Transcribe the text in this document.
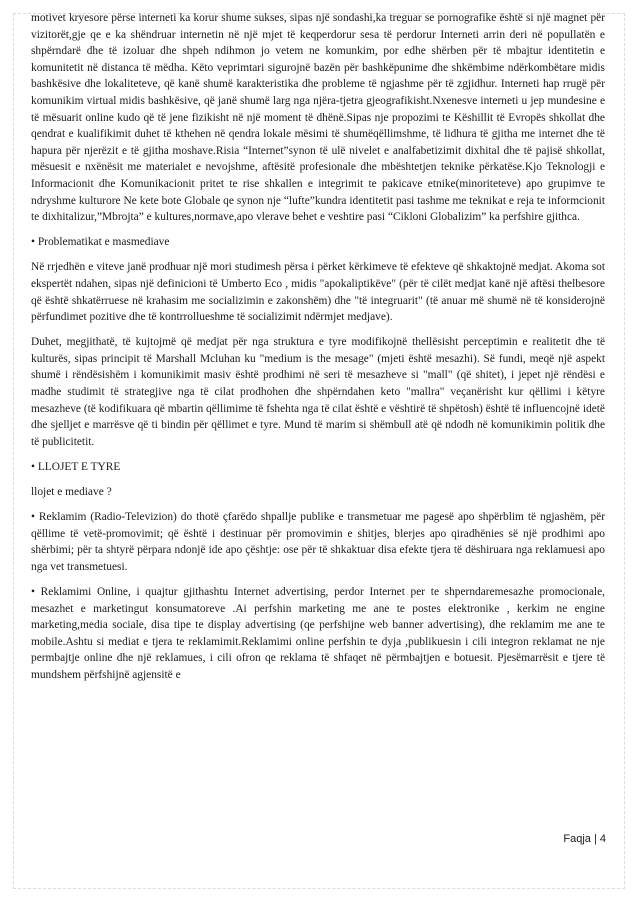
motivet kryesore përse interneti ka korur shume sukses, sipas një sondashi,ka treguar se pornografike është si një magnet për vizitorët,gje qe e ka shëndruar internetin në një mjet të keqperdorur sesa të perdorur Interneti arrin deri në popullatën e shpërndarë dhe të izoluar dhe shpeh ndihmon jo vetem ne komunkim, por edhe shërben për të mbajtur identitetin e komunitetit në distanca të mëdha. Këto veprimtari sigurojnë bazën për bashkëpunime dhe shkëmbime ndërkombëtare midis bashkësive dhe lokaliteteve, që kanë shumë karakteristika dhe probleme të ngjashme për të zgjidhur. Interneti hap rrugë për komunikim virtual midis bashkësive, që janë shumë larg nga njëra-tjetra gjeografikisht.Nxenesve interneti u jep mundesine e të mësuarit online kudo që të jene fizikisht në një moment të dhënë.Sipas nje propozimi te Këshillit të Evropës shkollat dhe qendrat e kualifikimit duhet të kthehen në qendra lokale mësimi të shumëqëllimshme, të lidhura të gjitha me internet dhe të hapura për njerëzit e të gjitha moshave.Risia “Internet”synon të ulë nivelet e analfabetizimit dixhital dhe të pajisë shkollat, mësuesit e nxënësit me materialet e nevojshme, aftësitë profesionale dhe mbështetjen teknike përkatëse.Kjo Teknologji e Informacionit dhe Komunikacionit pritet te rise shkallen e integrimit te pakicave etnike(minoriteteve) apo grupimve te ndryshme kulturore Ne kete bote Globale qe synon nje “lufte”kundra identitetit pasi tashme me teknikat e reja te informcionit te dixhitalizur,”Mbrojta” e kultures,normave,apo vlerave behet e veshtire pasi “Cikloni Globalizim” ka perfshire gjithca.

• Problematikat e masmediave

Në rrjedhën e viteve janë prodhuar një mori studimesh përsa i përket kërkimeve të efekteve që shkaktojnë medjat. Akoma sot ekspertët ndahen, sipas një definicioni të Umberto Eco , midis "apokaliptikëve" (për të cilët medjat kanë një aftësi thelbesore që është shkatërruese në krahasim me socializimin e zakonshëm) dhe "të integruarit" (të anuar më shumë në të konsiderojnë përfundimet pozitive dhe të kontrrollueshme të socializimit ndërmjet medjave).

Duhet, megjithatë, të kujtojmë që medjat për nga struktura e tyre modifikojnë thellësisht perceptimin e realitetit dhe të kulturës, sipas principit të Marshall Mcluhan ku "medium is the mesage" (mjeti është mesazhi). Së fundi, meqë një aspekt shumë i rëndësishëm i komunikimit masiv është prodhimi në seri të mesazheve si "mall" (që shitet), i jepet një rëndësi e madhe studimit të strategjive nga të cilat prodhohen dhe shpërndahen keto "mallra" veçanërisht kur qëllimi i këtyre mesazheve (të kodifikuara që mbartin qëllimime të fshehta nga të cilat është e vështirë të shpëtosh) është të influencojnë idetë dhe sjelljet e marrësve që ti bindin për qëllimet e tyre. Mund të marim si shëmbull atë që ndodh në komunikimin politik dhe të publicitetit.

• LLOJET E TYRE

llojet e mediave ?

• Reklamim (Radio-Televizion) do thotë çfarëdo shpallje publike e transmetuar me pagesë apo shpërblim të ngjashëm, për qëllime të vetë-promovimit; që është i destinuar për promovimin e shitjes, blerjes apo qiradhënies së një prodhimi apo shërbimi; për ta shtyrë përpara ndonjë ide apo çështje: ose për të shkaktuar disa efekte tjera të dëshiruara nga reklamuesi apo nga vet transmetuesi.

• Reklamimi Online, i quajtur gjithashtu Internet advertising, perdor Internet per te shperndaremesazhe promocionale, mesazhet e marketingut konsumatoreve .Ai perfshin marketing me ane te postes elektronike , kerkim ne engine marketing,media sociale, disa tipe te display advertising (qe perfshijne web banner advertising), dhe reklamim me ane te mobile.Ashtu si mediat e tjera te reklamimit.Reklamimi online perfshin te dyja ,publikuesin i cili integron reklamat ne nje permbajtje online dhe një reklamues, i cili ofron qe reklama të shfaqet në përmbajtjen e botuesit. Pjesëmarrësit e tjere të mundshem përfshijnë agjensitë e

Faqja | 4
